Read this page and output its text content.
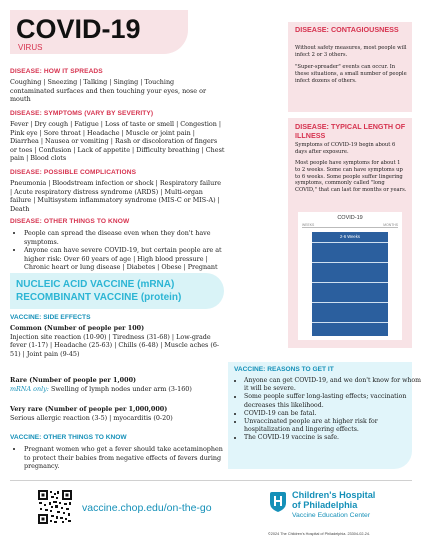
COVID-19
VIRUS
DISEASE: HOW IT SPREADS
Coughing | Sneezing | Talking | Singing | Touching contaminated surfaces and then touching your eyes, nose or mouth
DISEASE: SYMPTOMS (VARY BY SEVERITY)
Fever | Dry cough | Fatigue | Loss of taste or smell | Congestion | Pink eye | Sore throat | Headache | Muscle or joint pain | Diarrhea | Nausea or vomiting | Rash or discoloration of fingers or toes | Confusion | Lack of appetite | Difficulty breathing | Chest pain | Blood clots
DISEASE: POSSIBLE COMPLICATIONS
Pneumonia | Bloodstream infection or shock | Respiratory failure | Acute respiratory distress syndrome (ARDS) | Multi-organ failure | Multisystem inflammatory syndrome (MIS-C or MIS-A) | Death
DISEASE: OTHER THINGS TO KNOW
• People can spread the disease even when they don't have symptoms.
• Anyone can have severe COVID-19, but certain people are at higher risk: Over 60 years of age | High blood pressure | Chronic heart or lung disease | Diabetes | Obese | Pregnant
NUCLEIC ACID VACCINE (mRNA)
RECOMBINANT VACCINE (protein)
VACCINE: SIDE EFFECTS
Common (Number of people per 100)
Injection site reaction (10-90) | Tiredness (31-68) | Low-grade fever (1-17) | Headache (25-63) | Chills (6-48) | Muscle aches (6-51) | Joint pain (9-45)
Rare (Number of people per 1,000)
mRNA only: Swelling of lymph nodes under arm (3-160)
Very rare (Number of people per 1,000,000)
Serious allergic reaction (3-5) | myocarditis (0-20)
VACCINE: OTHER THINGS TO KNOW
• Pregnant women who get a fever should take acetaminophen to protect their babies from negative effects of fevers during pregnancy.
DISEASE: CONTAGIOUSNESS
Without safety measures, most people will infect 2 or 3 others.
"Super-spreader" events can occur. In these situations, a small number of people infect dozens of others.
DISEASE: TYPICAL LENGTH OF ILLNESS
Symptoms of COVID-19 begin about 6 days after exposure.
Most people have symptoms for about 1 to 2 weeks. Some can have symptoms up to 6 weeks. Some people suffer lingering symptoms, commonly called "long COVID," that can last for months or years.
COVID-19
WEEKS	MONTHS
2-6 Weeks
VACCINE: REASONS TO GET IT
• Anyone can get COVID-19, and we don't know for whom it will be severe.
• Some people suffer long-lasting effects; vaccination decreases this likelihood.
• COVID-19 can be fatal.
• Unvaccinated people are at higher risk for hospitalization and lingering effects.
• The COVID-19 vaccine is safe.
vaccine.chop.edu/on-the-go
Children's Hospital
of Philadelphia
Vaccine Education Center
©2024 The Children's Hospital of Philadelphia. 23304-02-24.
